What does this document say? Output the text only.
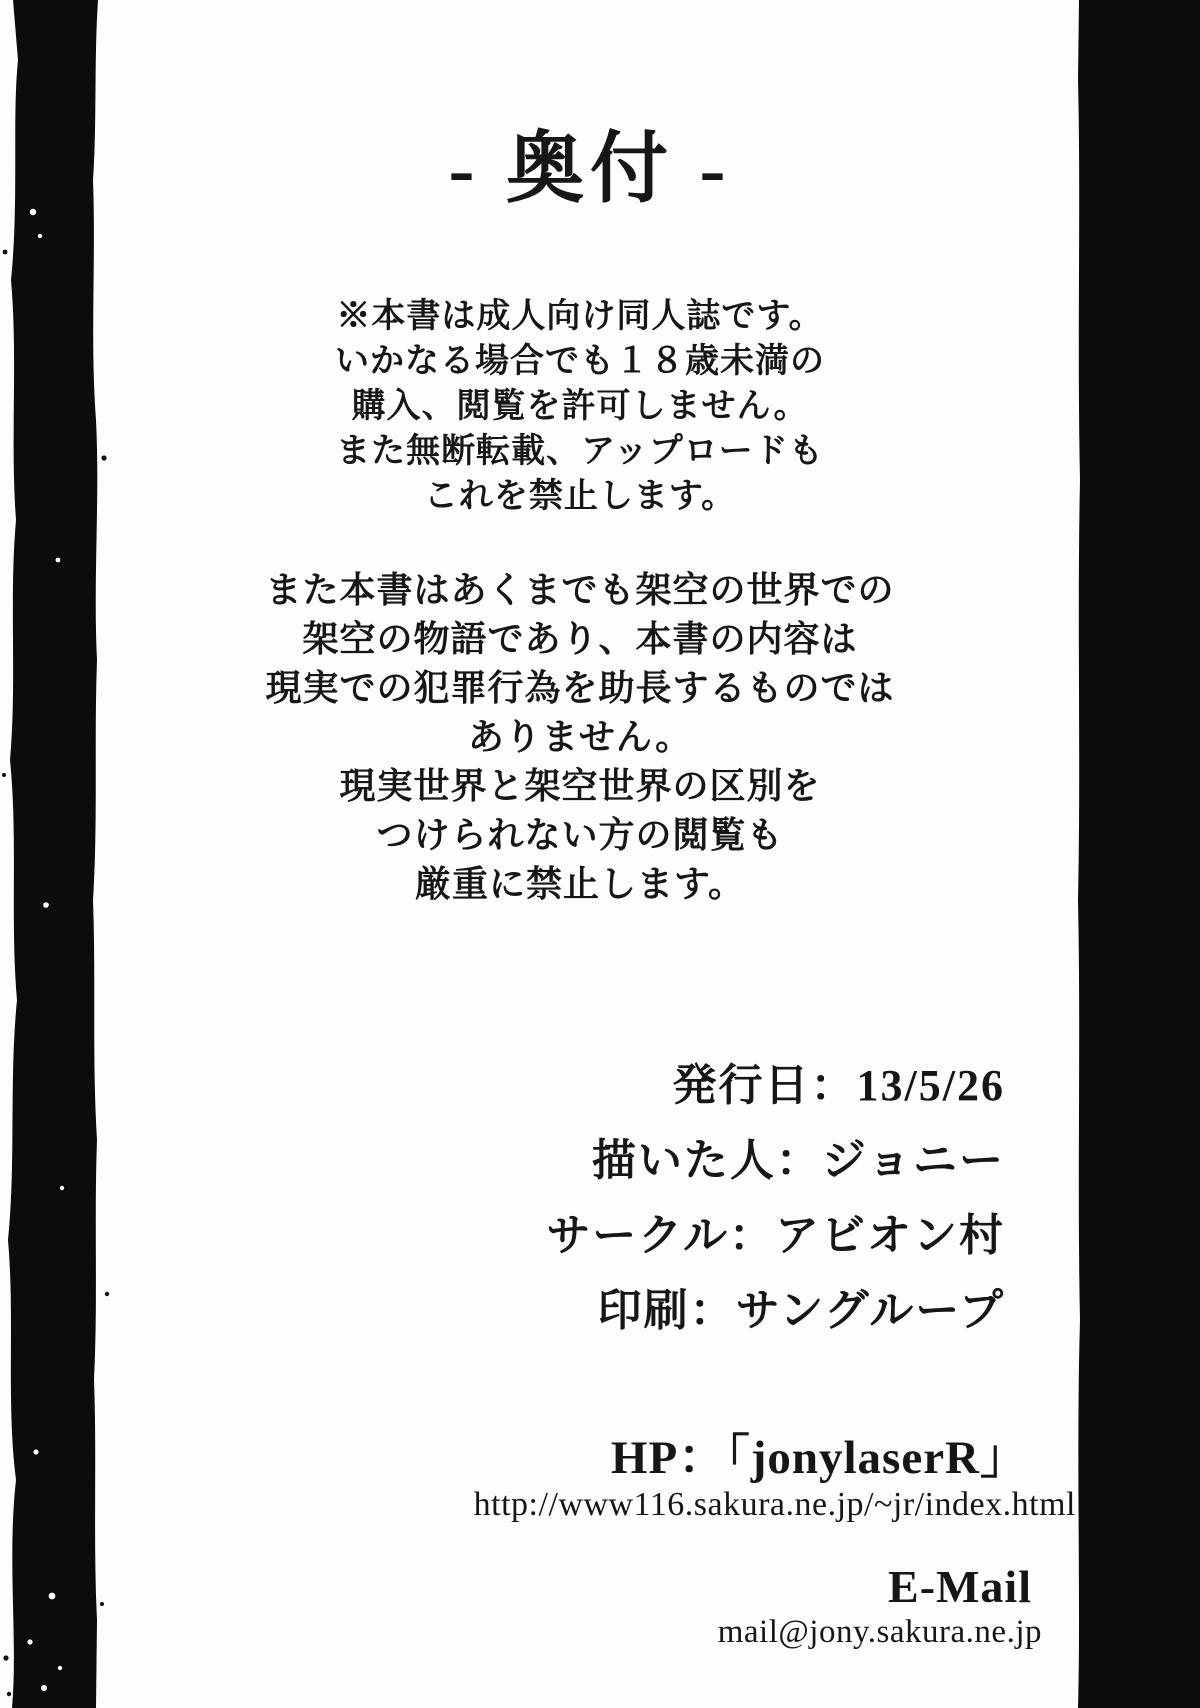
- 奥付 -
※本書は成人向け同人誌です。
いかなる場合でも１８歳未満の
購入、閲覧を許可しません。
また無断転載、アップロードも
これを禁止します。
また本書はあくまでも架空の世界での
架空の物語であり、本書の内容は
現実での犯罪行為を助長するものでは
ありません。
現実世界と架空世界の区別を
つけられない方の閲覧も
厳重に禁止します。
発行日：13/5/26
描いた人：ジョニー
サークル：アビオン村
印刷：サングループ
HP：「jonylaserR」
http://www116.sakura.ne.jp/~jr/index.html
E-Mail
mail@jony.sakura.ne.jp
